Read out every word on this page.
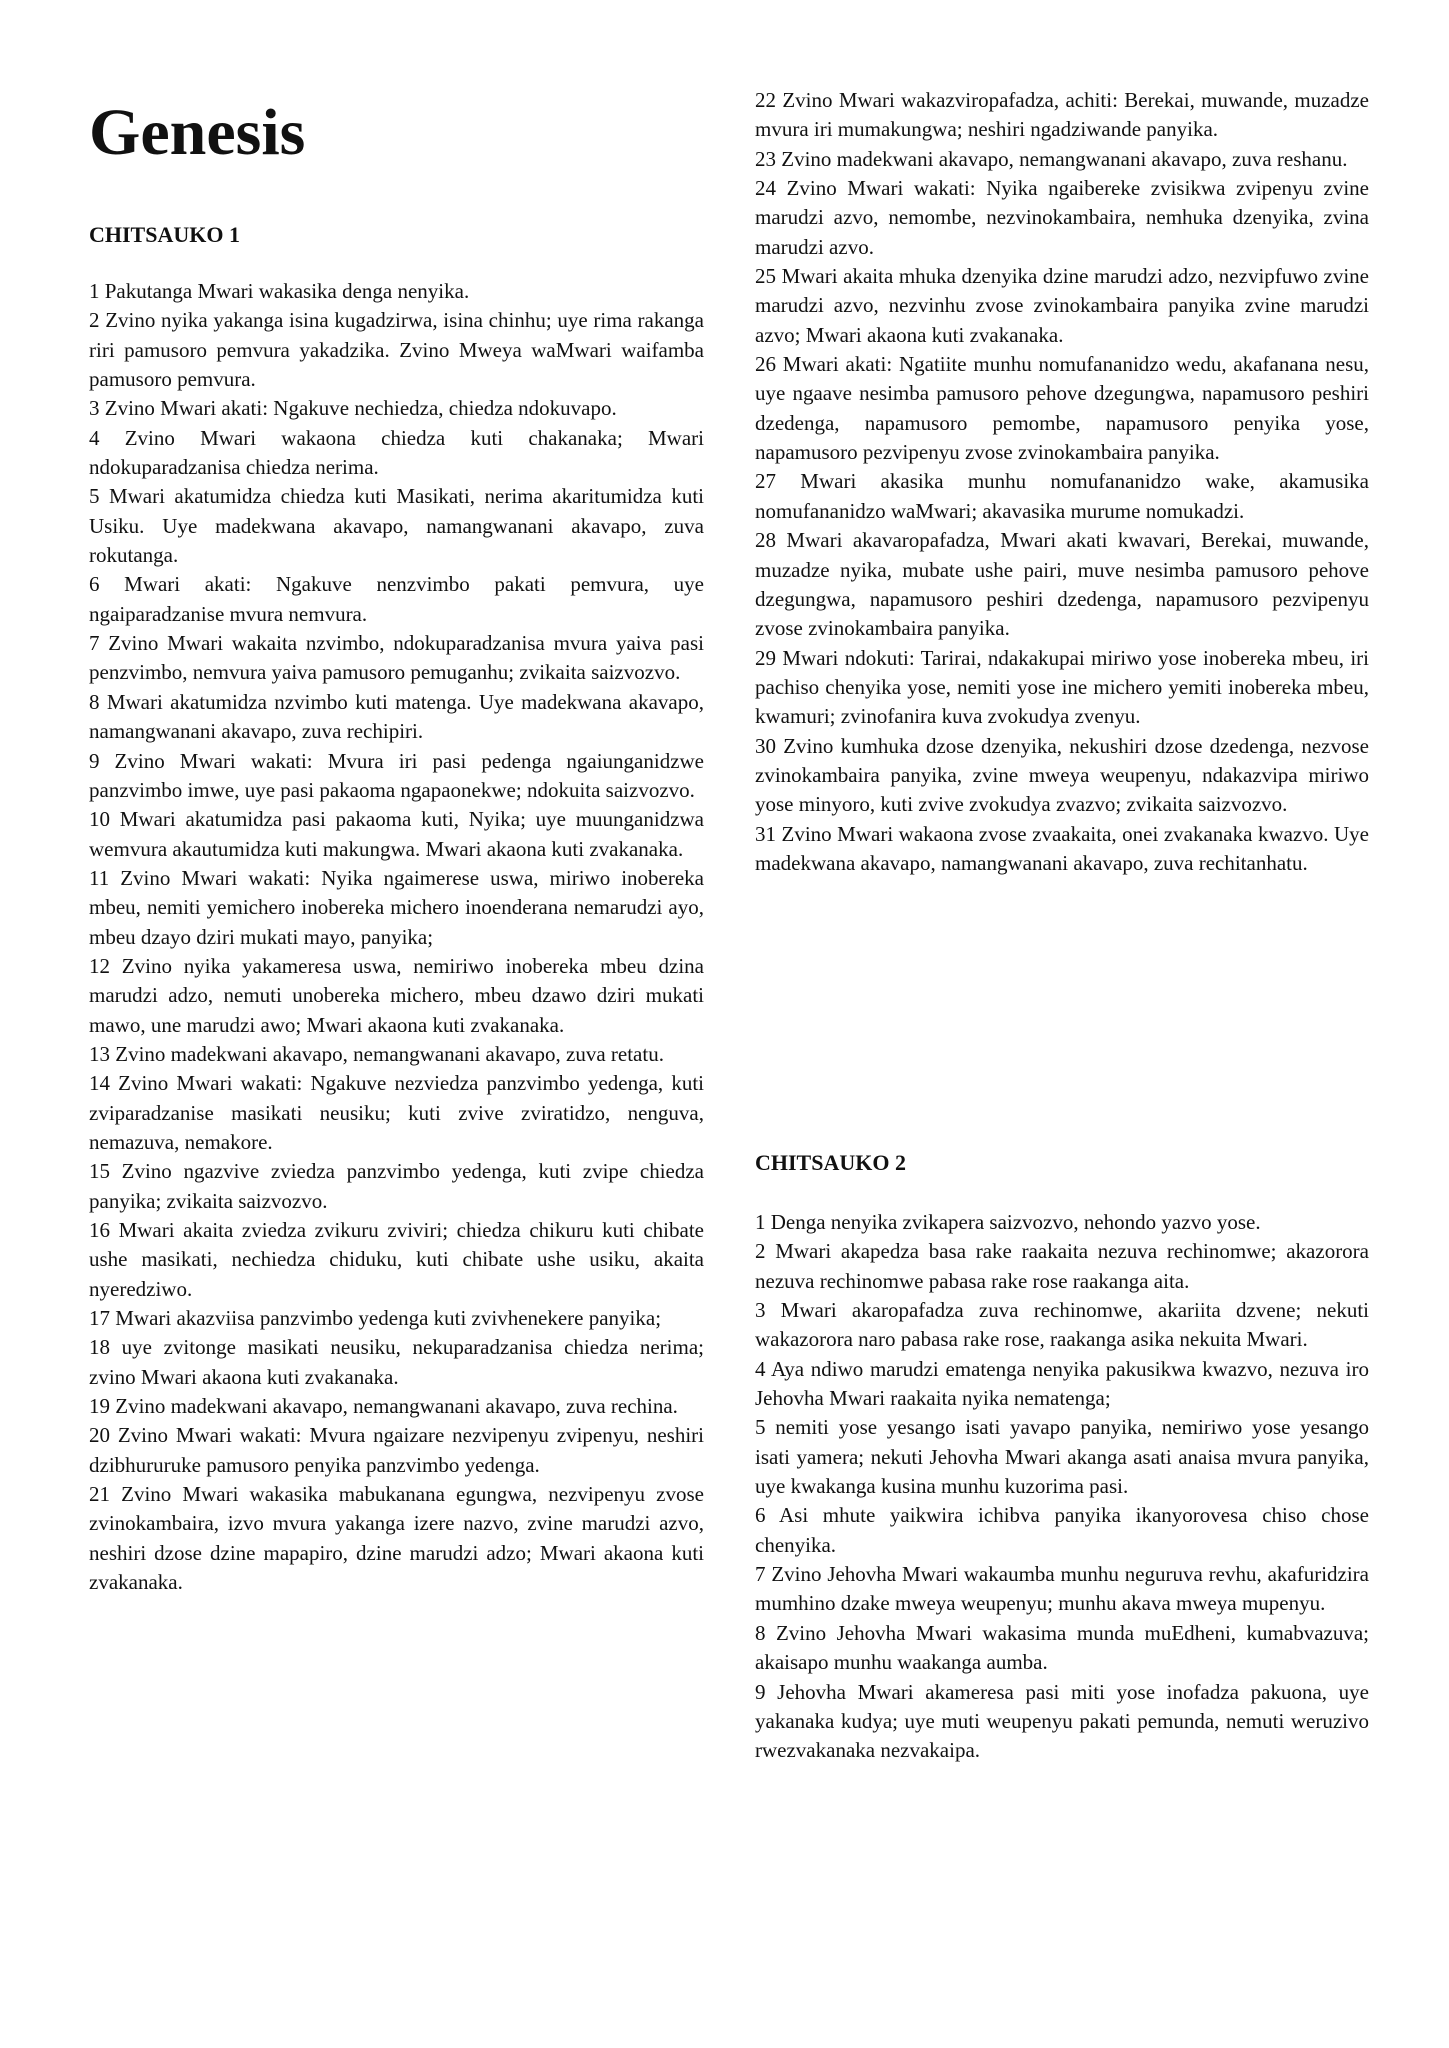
Genesis
CHITSAUKO 1

1 Pakutanga Mwari wakasika denga nenyika.

2 Zvino nyika yakanga isina kugadzirwa, isina chinhu; uye rima rakanga riri pamusoro pemvura yakadzika. Zvino Mweya waMwari waifamba pamusoro pemvura.

3 Zvino Mwari akati: Ngakuve nechiedza, chiedza ndokuvapo.

4 Zvino Mwari wakaona chiedza kuti chakanaka; Mwari ndokuparadzanisa chiedza nerima.

5 Mwari akatumidza chiedza kuti Masikati, nerima akaritumidza kuti Usiku. Uye madekwana akavapo, namangwanani akavapo, zuva rokutanga.

6 Mwari akati: Ngakuve nenzvimbo pakati pemvura, uye ngaiparadzanise mvura nemvura.

7 Zvino Mwari wakaita nzvimbo, ndokuparadzanisa mvura yaiva pasi penzvimbo, nemvura yaiva pamusoro pemuganhu; zvikaita saizvozvo.

8 Mwari akatumidza nzvimbo kuti matenga. Uye madekwana akavapo, namangwanani akavapo, zuva rechipiri.

9 Zvino Mwari wakati: Mvura iri pasi pedenga ngaiunganidzwe panzvimbo imwe, uye pasi pakaoma ngapaonekwe; ndokuita saizvozvo.

10 Mwari akatumidza pasi pakaoma kuti, Nyika; uye muunganidzwa wemvura akautumidza kuti makungwa. Mwari akaona kuti zvakanaka.

11 Zvino Mwari wakati: Nyika ngaimerese uswa, miriwo inobereka mbeu, nemiti yemichero inobereka michero inoenderana nemarudzi ayo, mbeu dzayo dziri mukati mayo, panyika;

12 Zvino nyika yakameresa uswa, nemiriwo inobereka mbeu dzina marudzi adzo, nemuti unobereka michero, mbeu dzawo dziri mukati mawo, une marudzi awo; Mwari akaona kuti zvakanaka.

13 Zvino madekwani akavapo, nemangwanani akavapo, zuva retatu.

14 Zvino Mwari wakati: Ngakuve nezviedza panzvimbo yedenga, kuti zviparadzanise masikati neusiku; kuti zvive zviratidzo, nenguva, nemazuva, nemakore.

15 Zvino ngazvive zviedza panzvimbo yedenga, kuti zvipe chiedza panyika; zvikaita saizvozvo.

16 Mwari akaita zviedza zvikuru zviviri; chiedza chikuru kuti chibate ushe masikati, nechiedza chiduku, kuti chibate ushe usiku, akaita nyeredziwo.

17 Mwari akazviisa panzvimbo yedenga kuti zvivhenekere panyika;

18 uye zvitonge masikati neusiku, nekuparadzanisa chiedza nerima; zvino Mwari akaona kuti zvakanaka.

19 Zvino madekwani akavapo, nemangwanani akavapo, zuva rechina.

20 Zvino Mwari wakati: Mvura ngaizare nezvipenyu zvipenyu, neshiri dzibhururuke pamusoro penyika panzvimbo yedenga.

21 Zvino Mwari wakasika mabukanana egungwa, nezvipenyu zvose zvinokambaira, izvo mvura yakanga izere nazvo, zvine marudzi azvo, neshiri dzose dzine mapapiro, dzine marudzi adzo; Mwari akaona kuti zvakanaka.

22 Zvino Mwari wakazviropafadza, achiti: Berekai, muwande, muzadze mvura iri mumakungwa; neshiri ngadziwande panyika.

23 Zvino madekwani akavapo, nemangwanani akavapo, zuva reshanu.

24 Zvino Mwari wakati: Nyika ngaibereke zvisikwa zvipenyu zvine marudzi azvo, nemombe, nezvinokambaira, nemhuka dzenyika, zvina marudzi azvo.

25 Mwari akaita mhuka dzenyika dzine marudzi adzo, nezvipfuwo zvine marudzi azvo, nezvinhu zvose zvinokambaira panyika zvine marudzi azvo; Mwari akaona kuti zvakanaka.

26 Mwari akati: Ngatiite munhu nomufananidzo wedu, akafanana nesu, uye ngaave nesimba pamusoro pehove dzegungwa, napamusoro peshiri dzedenga, napamusoro pemombe, napamusoro penyika yose, napamusoro pezvipenyu zvose zvinokambaira panyika.

27 Mwari akasika munhu nomufananidzo wake, akamusika nomufananidzo waMwari; akavasika murume nomukadzi.

28 Mwari akavaropafadza, Mwari akati kwavari, Berekai, muwande, muzadze nyika, mubate ushe pairi, muve nesimba pamusoro pehove dzegungwa, napamusoro peshiri dzedenga, napamusoro pezvipenyu zvose zvinokambaira panyika.

29 Mwari ndokuti: Tarirai, ndakakupai miriwo yose inobereka mbeu, iri pachiso chenyika yose, nemiti yose ine michero yemiti inobereka mbeu, kwamuri; zvinofanira kuva zvokudya zvenyu.

30 Zvino kumhuka dzose dzenyika, nekushiri dzose dzedenga, nezvose zvinokambaira panyika, zvine mweya weupenyu, ndakazvipa miriwo yose minyoro, kuti zvive zvokudya zvazvo; zvikaita saizvozvo.

31 Zvino Mwari wakaona zvose zvaakaita, onei zvakanaka kwazvo. Uye madekwana akavapo, namangwanani akavapo, zuva rechitanhatu.

CHITSAUKO 2

1 Denga nenyika zvikapera saizvozvo, nehondo yazvo yose.

2 Mwari akapedza basa rake raakaita nezuva rechinomwe; akazorora nezuva rechinomwe pabasa rake rose raakanga aita.

3 Mwari akaropafadza zuva rechinomwe, akariita dzvene; nekuti wakazorora naro pabasa rake rose, raakanga asika nekuita Mwari.

4 Aya ndiwo marudzi ematenga nenyika pakusikwa kwazvo, nezuva iro Jehovha Mwari raakaita nyika nematenga;

5 nemiti yose yesango isati yavapo panyika, nemiriwo yose yesango isati yamera; nekuti Jehovha Mwari akanga asati anaisa mvura panyika, uye kwakanga kusina munhu kuzorima pasi.

6 Asi mhute yaikwira ichibva panyika ikanyorovesa chiso chose chenyika.

7 Zvino Jehovha Mwari wakaumba munhu neguruva revhu, akafuridzira mumhino dzake mweya weupenyu; munhu akava mweya mupenyu.

8 Zvino Jehovha Mwari wakasima munda muEdheni, kumabvazuva; akaisapo munhu waakanga aumba.

9 Jehovha Mwari akameresa pasi miti yose inofadza pakuona, uye yakanaka kudya; uye muti weupenyu pakati pemunda, nemuti weruzivo rwezvakanaka nezvakaipa.
